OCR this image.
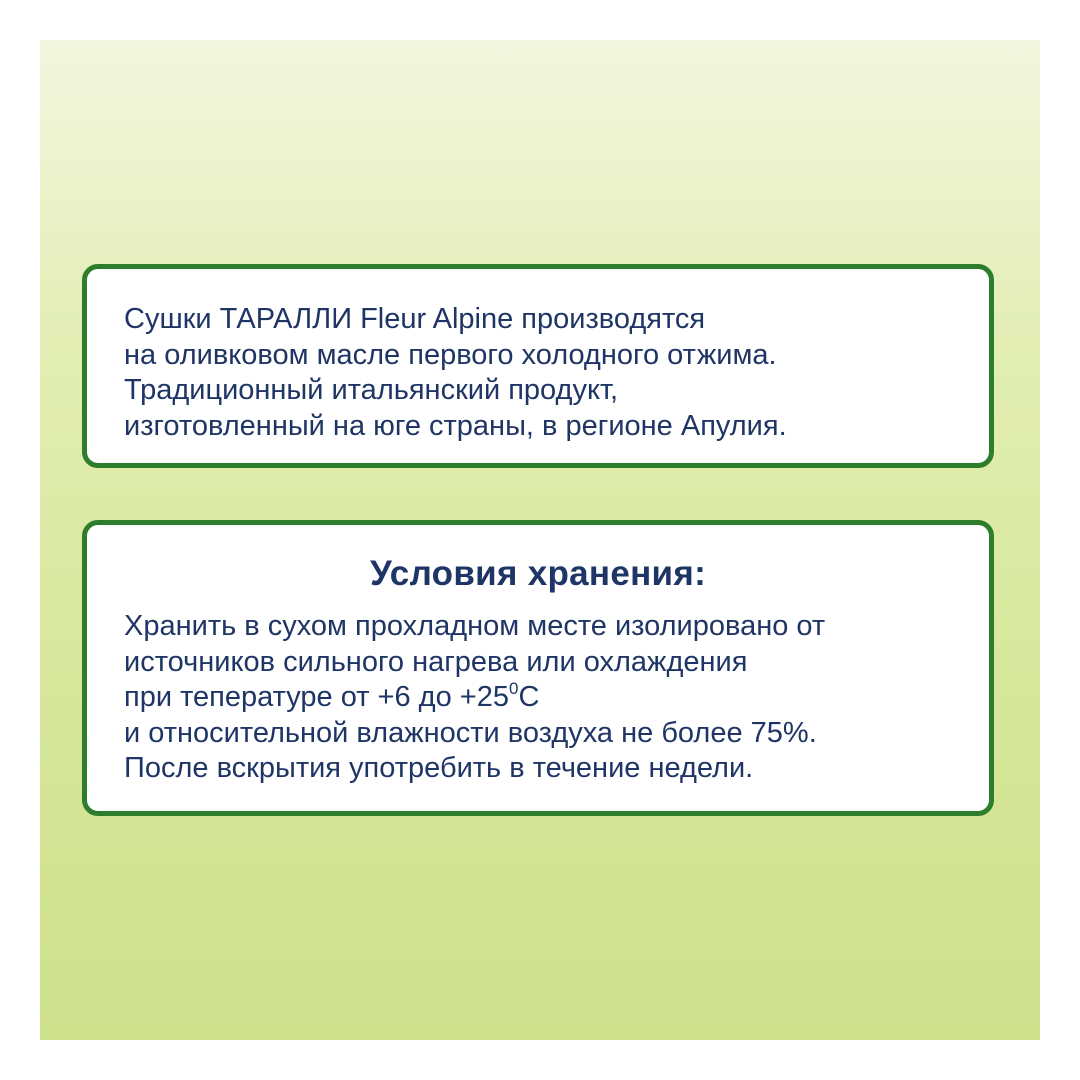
Сушки ТАРАЛЛИ Fleur Alpine производятся
на оливковом масле первого холодного отжима.
Традиционный итальянский продукт,
изготовленный на юге страны, в регионе Апулия.
Условия хранения:
Хранить в сухом прохладном месте изолировано от
источников сильного нагрева или охлаждения
при тепературе от +6 до $+25^0С$
и относительной влажности воздуха не более 75%.
После вскрытия употребить в течение недели.
